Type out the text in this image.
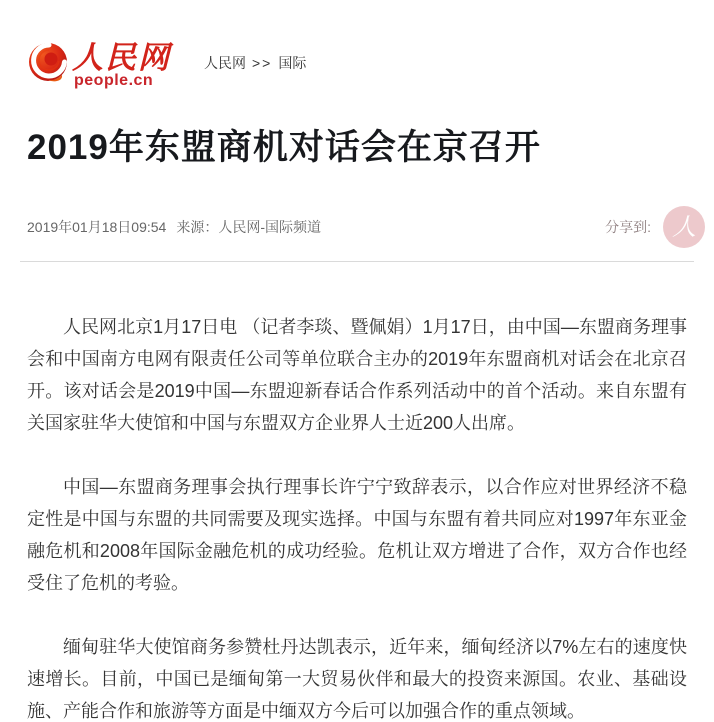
人民网
people.cn
人民网 >> 国际
2019年东盟商机对话会在京召开
2019年01月18日09:54 来源：人民网-国际频道	分享到: 人

人民网北京1月17日电 （记者李琰、暨佩娟）1月17日，由中国—东盟商务理事会和中国南方电网有限责任公司等单位联合主办的2019年东盟商机对话会在北京召开。该对话会是2019中国—东盟迎新春话合作系列活动中的首个活动。来自东盟有关国家驻华大使馆和中国与东盟双方企业界人士近200人出席。

中国—东盟商务理事会执行理事长许宁宁致辞表示，以合作应对世界经济不稳定性是中国与东盟的共同需要及现实选择。中国与东盟有着共同应对1997年东亚金融危机和2008年国际金融危机的成功经验。危机让双方增进了合作，双方合作也经受住了危机的考验。

缅甸驻华大使馆商务参赞杜丹达凯表示，近年来，缅甸经济以7%左右的速度快速增长。目前，中国已是缅甸第一大贸易伙伴和最大的投资来源国。农业、基础设施、产能合作和旅游等方面是中缅双方今后可以加强合作的重点领域。
